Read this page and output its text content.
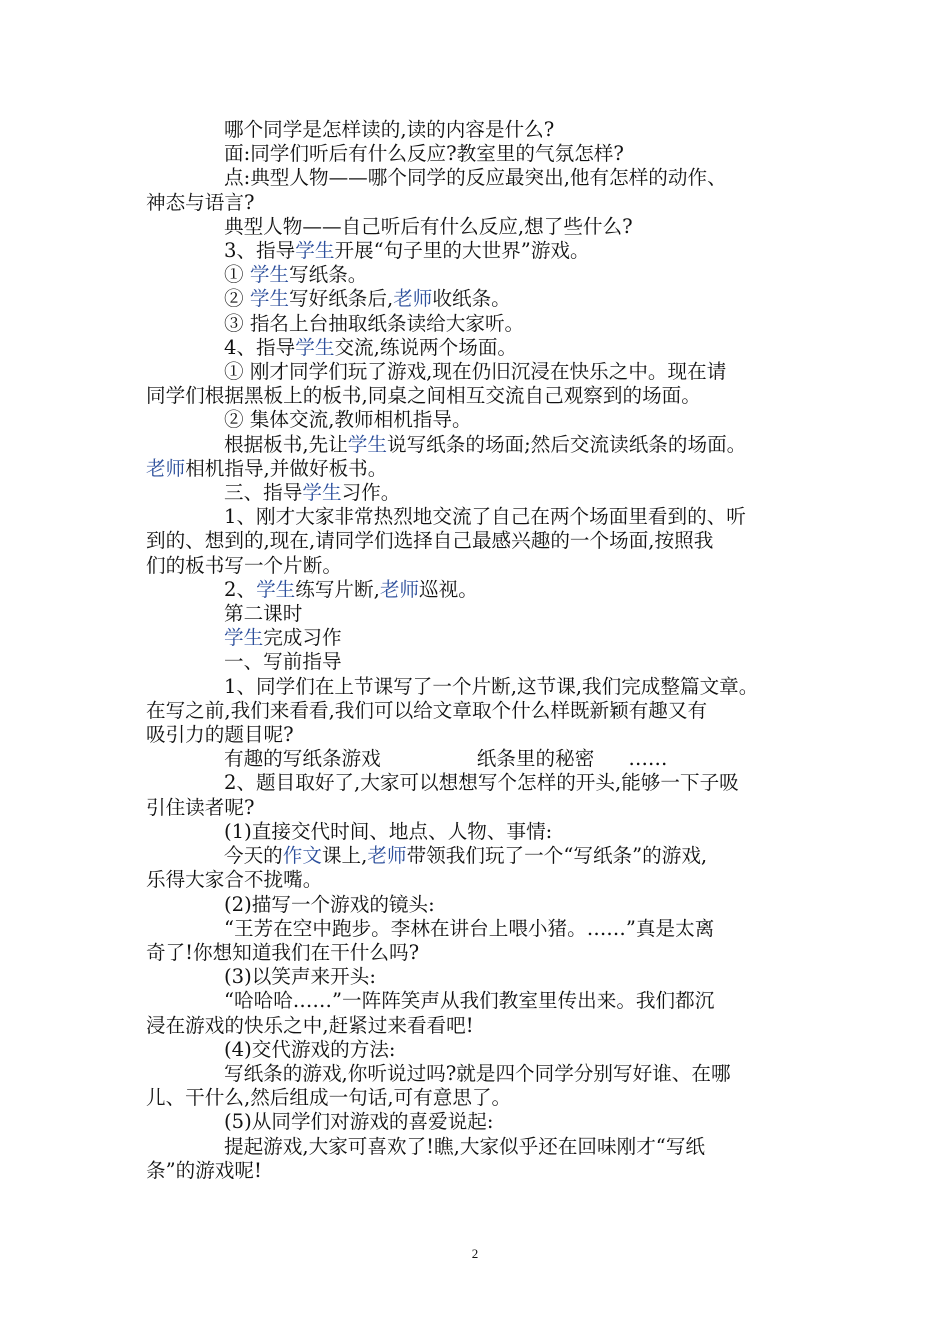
哪个同学是怎样读的,读的内容是什么?

面:同学们听后有什么反应?教室里的气氛怎样?

点:典型人物——哪个同学的反应最突出,他有怎样的动作、

神态与语言?

典型人物——自己听后有什么反应,想了些什么?

3、指导学生开展“句子里的大世界”游戏。

① 学生写纸条。

② 学生写好纸条后,老师收纸条。

③ 指名上台抽取纸条读给大家听。

4、指导学生交流,练说两个场面。

① 刚才同学们玩了游戏,现在仍旧沉浸在快乐之中。现在请

同学们根据黑板上的板书,同桌之间相互交流自己观察到的场面。

② 集体交流,教师相机指导。

根据板书,先让学生说写纸条的场面;然后交流读纸条的场面。

老师相机指导,并做好板书。

三、指导学生习作。

1、刚才大家非常热烈地交流了自己在两个场面里看到的、听

到的、想到的,现在,请同学们选择自己最感兴趣的一个场面,按照我

们的板书写一个片断。

2、学生练写片断,老师巡视。

第二课时

学生完成习作

一、写前指导

1、同学们在上节课写了一个片断,这节课,我们完成整篇文章。

在写之前,我们来看看,我们可以给文章取个什么样既新颖有趣又有

吸引力的题目呢?

有趣的写纸条游戏	纸条里的秘密 ……

2、题目取好了,大家可以想想写个怎样的开头,能够一下子吸

引住读者呢?

(1)直接交代时间、地点、人物、事情:

今天的作文课上,老师带领我们玩了一个“写纸条”的游戏,

乐得大家合不拢嘴。

(2)描写一个游戏的镜头:

“王芳在空中跑步。李林在讲台上喂小猪。……”真是太离

奇了!你想知道我们在干什么吗?

(3)以笑声来开头:

“哈哈哈……”一阵阵笑声从我们教室里传出来。我们都沉

浸在游戏的快乐之中,赶紧过来看看吧!

(4)交代游戏的方法:

写纸条的游戏,你听说过吗?就是四个同学分别写好谁、在哪

儿、干什么,然后组成一句话,可有意思了。

(5)从同学们对游戏的喜爱说起:

提起游戏,大家可喜欢了!瞧,大家似乎还在回味刚才“写纸

条”的游戏呢!

2
